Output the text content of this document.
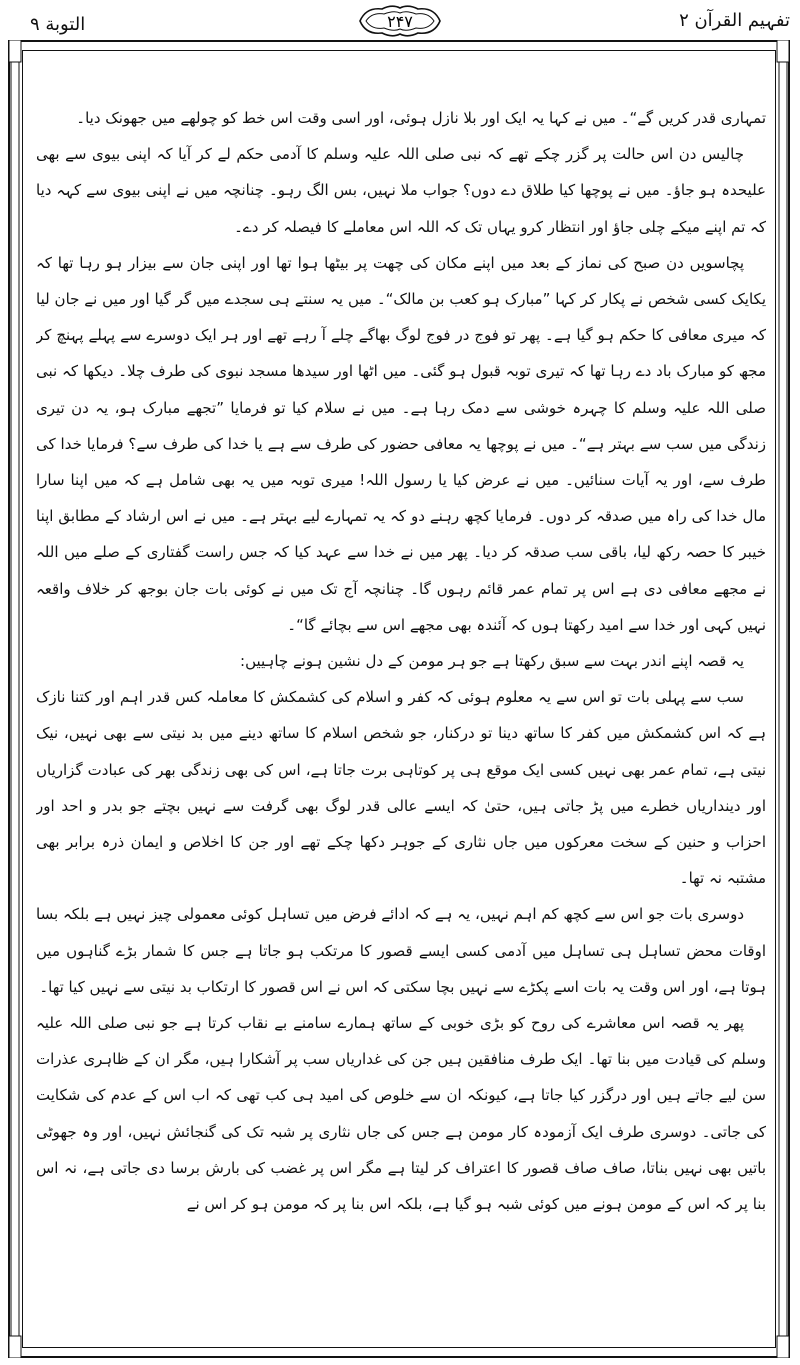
التوبة ۹	۲۴۷	تفہیم القرآن ۲

تمہاری قدر کریں گے“۔ میں نے کہا یہ ایک اور بلا نازل ہوئی، اور اسی وقت اس خط کو چولھے میں جھونک دیا۔

چالیس دن اس حالت پر گزر چکے تھے کہ نبی صلی اللہ علیہ وسلم کا آدمی حکم لے کر آیا کہ اپنی بیوی سے بھی علیحدہ ہو جاؤ۔ میں نے پوچھا کیا طلاق دے دوں؟ جواب ملا نہیں، بس الگ رہو۔ چنانچہ میں نے اپنی بیوی سے کہہ دیا کہ تم اپنے میکے چلی جاؤ اور انتظار کرو یہاں تک کہ اللہ اس معاملے کا فیصلہ کر دے۔

پچاسویں دن صبح کی نماز کے بعد میں اپنے مکان کی چھت پر بیٹھا ہوا تھا اور اپنی جان سے بیزار ہو رہا تھا کہ یکایک کسی شخص نے پکار کر کہا ”مبارک ہو کعب بن مالک“۔ میں یہ سنتے ہی سجدے میں گر گیا اور میں نے جان لیا کہ میری معافی کا حکم ہو گیا ہے۔ پھر تو فوج در فوج لوگ بھاگے چلے آ رہے تھے اور ہر ایک دوسرے سے پہلے پہنچ کر مجھ کو مبارک باد دے رہا تھا کہ تیری توبہ قبول ہو گئی۔ میں اٹھا اور سیدھا مسجد نبوی کی طرف چلا۔ دیکھا کہ نبی صلی اللہ علیہ وسلم کا چہرہ خوشی سے دمک رہا ہے۔ میں نے سلام کیا تو فرمایا ”تجھے مبارک ہو، یہ دن تیری زندگی میں سب سے بہتر ہے“۔ میں نے پوچھا یہ معافی حضور کی طرف سے ہے یا خدا کی طرف سے؟ فرمایا خدا کی طرف سے، اور یہ آیات سنائیں۔ میں نے عرض کیا یا رسول اللہ! میری توبہ میں یہ بھی شامل ہے کہ میں اپنا سارا مال خدا کی راہ میں صدقہ کر دوں۔ فرمایا کچھ رہنے دو کہ یہ تمہارے لیے بہتر ہے۔ میں نے اس ارشاد کے مطابق اپنا خیبر کا حصہ رکھ لیا، باقی سب صدقہ کر دیا۔ پھر میں نے خدا سے عہد کیا کہ جس راست گفتاری کے صلے میں اللہ نے مجھے معافی دی ہے اس پر تمام عمر قائم رہوں گا۔ چنانچہ آج تک میں نے کوئی بات جان بوجھ کر خلاف واقعہ نہیں کہی اور خدا سے امید رکھتا ہوں کہ آئندہ بھی مجھے اس سے بچائے گا“۔

یہ قصہ اپنے اندر بہت سے سبق رکھتا ہے جو ہر مومن کے دل نشین ہونے چاہییں:

سب سے پہلی بات تو اس سے یہ معلوم ہوئی کہ کفر و اسلام کی کشمکش کا معاملہ کس قدر اہم اور کتنا نازک ہے کہ اس کشمکش میں کفر کا ساتھ دینا تو درکنار، جو شخص اسلام کا ساتھ دینے میں بد نیتی سے بھی نہیں، نیک نیتی ہے، تمام عمر بھی نہیں کسی ایک موقع ہی پر کوتاہی برت جاتا ہے، اس کی بھی زندگی بھر کی عبادت گزاریاں اور دینداریاں خطرے میں پڑ جاتی ہیں، حتیٰ کہ ایسے عالی قدر لوگ بھی گرفت سے نہیں بچتے جو بدر و احد اور احزاب و حنین کے سخت معرکوں میں جاں نثاری کے جوہر دکھا چکے تھے اور جن کا اخلاص و ایمان ذرہ برابر بھی مشتبہ نہ تھا۔

دوسری بات جو اس سے کچھ کم اہم نہیں، یہ ہے کہ ادائے فرض میں تساہل کوئی معمولی چیز نہیں ہے بلکہ بسا اوقات محض تساہل ہی تساہل میں آدمی کسی ایسے قصور کا مرتکب ہو جاتا ہے جس کا شمار بڑے گناہوں میں ہوتا ہے، اور اس وقت یہ بات اسے پکڑے سے نہیں بچا سکتی کہ اس نے اس قصور کا ارتکاب بد نیتی سے نہیں کیا تھا۔

پھر یہ قصہ اس معاشرے کی روح کو بڑی خوبی کے ساتھ ہمارے سامنے بے نقاب کرتا ہے جو نبی صلی اللہ علیہ وسلم کی قیادت میں بنا تھا۔ ایک طرف منافقین ہیں جن کی غداریاں سب پر آشکارا ہیں، مگر ان کے ظاہری عذرات سن لیے جاتے ہیں اور درگزر کیا جاتا ہے، کیونکہ ان سے خلوص کی امید ہی کب تھی کہ اب اس کے عدم کی شکایت کی جاتی۔ دوسری طرف ایک آزمودہ کار مومن ہے جس کی جاں نثاری پر شبہ تک کی گنجائش نہیں، اور وہ جھوٹی باتیں بھی نہیں بناتا، صاف صاف قصور کا اعتراف کر لیتا ہے مگر اس پر غضب کی بارش برسا دی جاتی ہے، نہ اس بنا پر کہ اس کے مومن ہونے میں کوئی شبہ ہو گیا ہے، بلکہ اس بنا پر کہ مومن ہو کر اس نے
